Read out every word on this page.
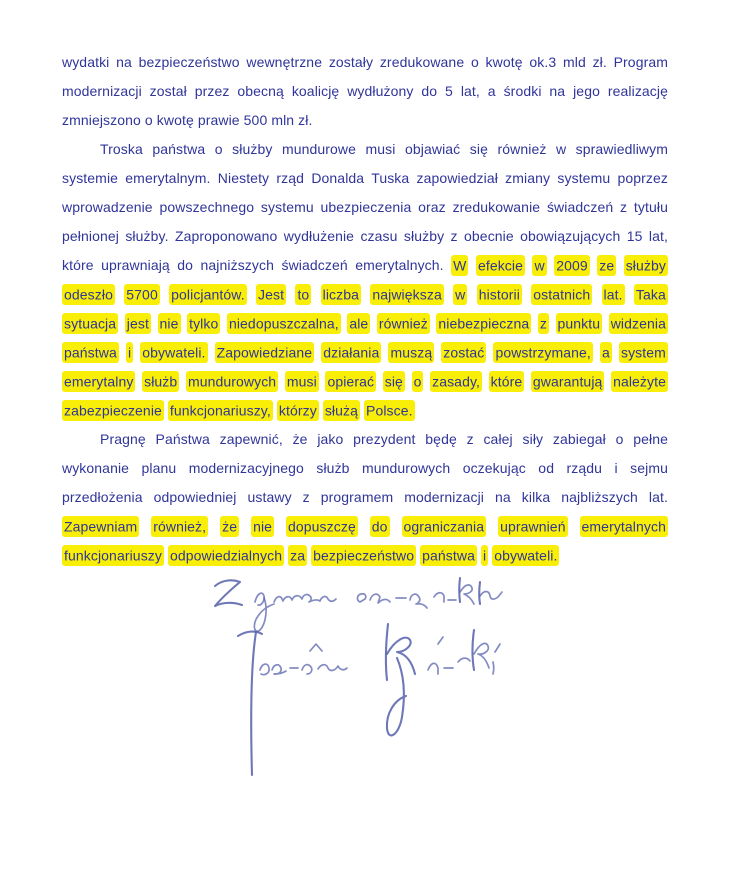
wydatki na bezpieczeństwo wewnętrzne zostały zredukowane o kwotę ok.3 mld zł. Program modernizacji został przez obecną koalicję wydłużony do 5 lat, a środki na jego realizację zmniejszono o kwotę prawie 500 mln zł.

Troska państwa o służby mundurowe musi objawiać się również w sprawiedliwym systemie emerytalnym. Niestety rząd Donalda Tuska zapowiedział zmiany systemu poprzez wprowadzenie powszechnego systemu ubezpieczenia oraz zredukowanie świadczeń z tytułu pełnionej służby. Zaproponowano wydłużenie czasu służby z obecnie obowiązujących 15 lat, które uprawniają do najniższych świadczeń emerytalnych. W efekcie w 2009 ze służby odeszło 5700 policjantów. Jest to liczba największa w historii ostatnich lat. Taka sytuacja jest nie tylko niedopuszczalna, ale również niebezpieczna z punktu widzenia państwa i obywateli. Zapowiedziane działania muszą zostać powstrzymane, a system emerytalny służb mundurowych musi opierać się o zasady, które gwarantują należyte zabezpieczenie funkcjonariuszy, którzy służą Polsce.

Pragnę Państwa zapewnić, że jako prezydent będę z całej siły zabiegał o pełne wykonanie planu modernizacyjnego służb mundurowych oczekując od rządu i sejmu przedłożenia odpowiedniej ustawy z programem modernizacji na kilka najbliższych lat. Zapewniam również, że nie dopuszczę do ograniczania uprawnień emerytalnych funkcjonariuszy odpowiedzialnych za bezpieczeństwo państwa i obywateli.
